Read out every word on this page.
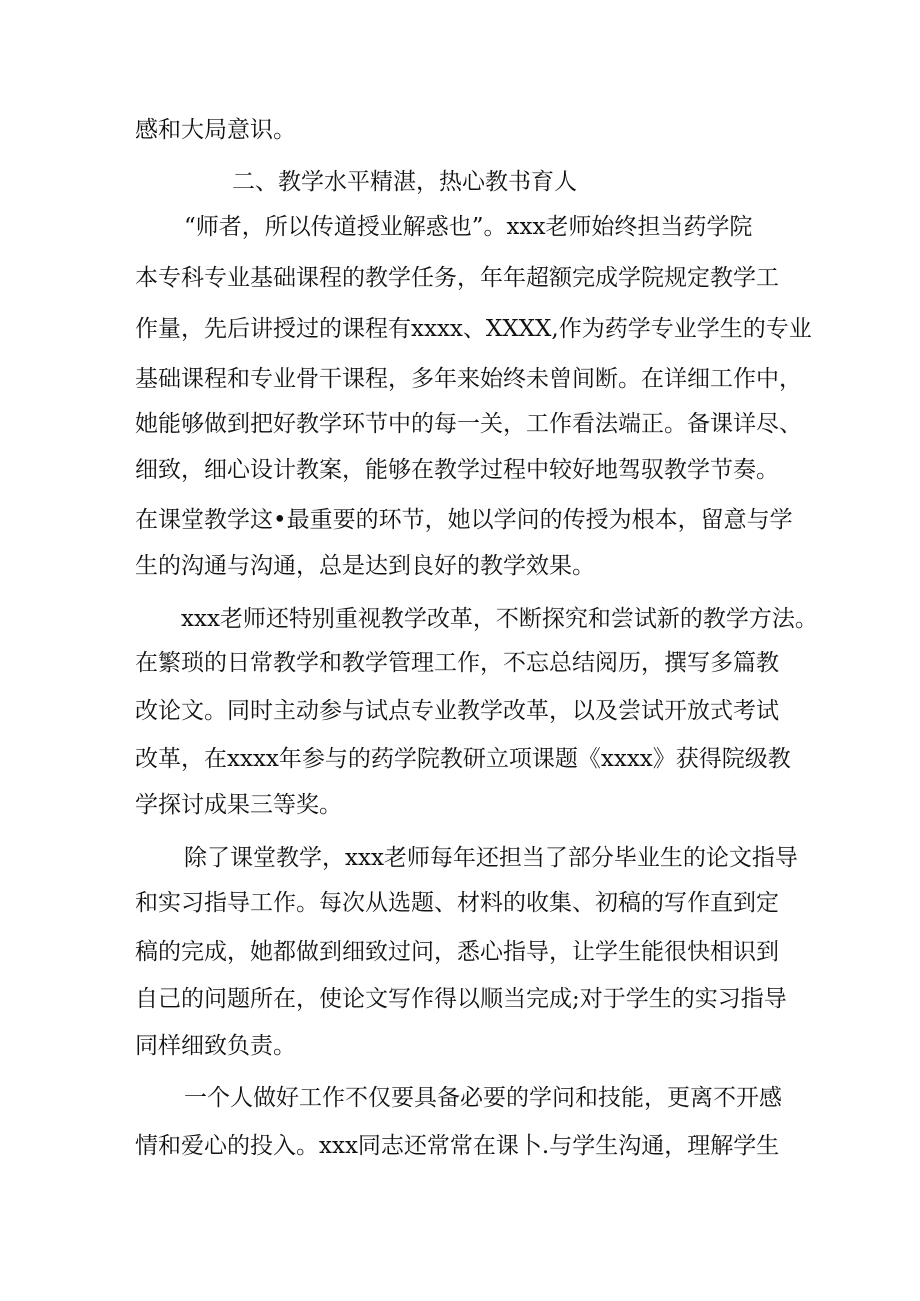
感和大局意识。
二、教学水平精湛，热心教书育人
“师者，所以传道授业解惑也”。xxx老师始终担当药学院
本专科专业基础课程的教学任务，年年超额完成学院规定教学工
作量，先后讲授过的课程有xxxx、XXXX,作为药学专业学生的专业
基础课程和专业骨干课程，多年来始终未曾间断。在详细工作中，
她能够做到把好教学环节中的每一关，工作看法端正。备课详尽、
细致，细心设计教案，能够在教学过程中较好地驾驭教学节奏。
在课堂教学这•最重要的环节，她以学问的传授为根本，留意与学
生的沟通与沟通，总是达到良好的教学效果。
xxx老师还特别重视教学改革，不断探究和尝试新的教学方法。
在繁琐的日常教学和教学管理工作，不忘总结阅历，撰写多篇教
改论文。同时主动参与试点专业教学改革，以及尝试开放式考试
改革，在xxxx年参与的药学院教研立项课题《xxxx》获得院级教
学探讨成果三等奖。
除了课堂教学，xxx老师每年还担当了部分毕业生的论文指导
和实习指导工作。每次从选题、材料的收集、初稿的写作直到定
稿的完成，她都做到细致过问，悉心指导，让学生能很快相识到
自己的问题所在，使论文写作得以顺当完成;对于学生的实习指导
同样细致负责。
一个人做好工作不仅要具备必要的学问和技能，更离不开感
情和爱心的投入。xxx同志还常常在课卜.与学生沟通，理解学生
